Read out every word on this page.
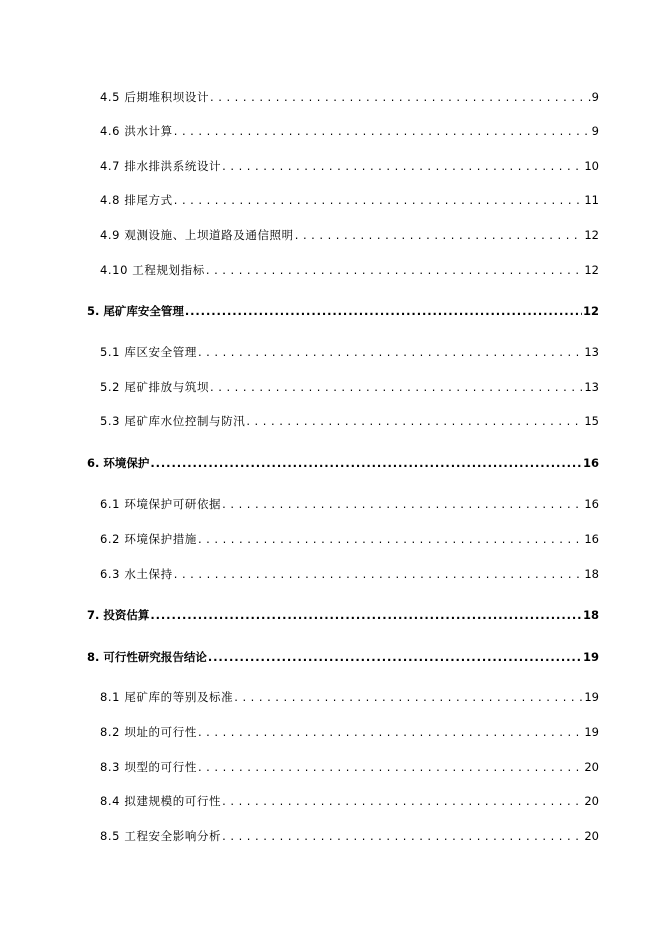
4.5 后期堆积坝设计 . . .	9
4.6 洪水计算 . . .	9
4.7 排水排洪系统设计 . . .	10
4.8 排尾方式 . . .	11
4.9 观测设施、上坝道路及通信照明 . . .	12
4.10 工程规划指标 . . .	12
5. 尾矿库安全管理 .....	12
5.1 库区安全管理 . . .	13
5.2 尾矿排放与筑坝 . . .	13
5.3 尾矿库水位控制与防汛 . . .	15
6. 环境保护 .....	16
6.1 环境保护可研依据 . . .	16
6.2 环境保护措施 . . .	16
6.3 水土保持 . . .	18
7. 投资估算 .....	18
8. 可行性研究报告结论 .....	19
8.1 尾矿库的等别及标准 . . .	19
8.2 坝址的可行性 . . .	19
8.3 坝型的可行性 . . .	20
8.4 拟建规模的可行性 . . .	20
8.5 工程安全影响分析 . . .	20
